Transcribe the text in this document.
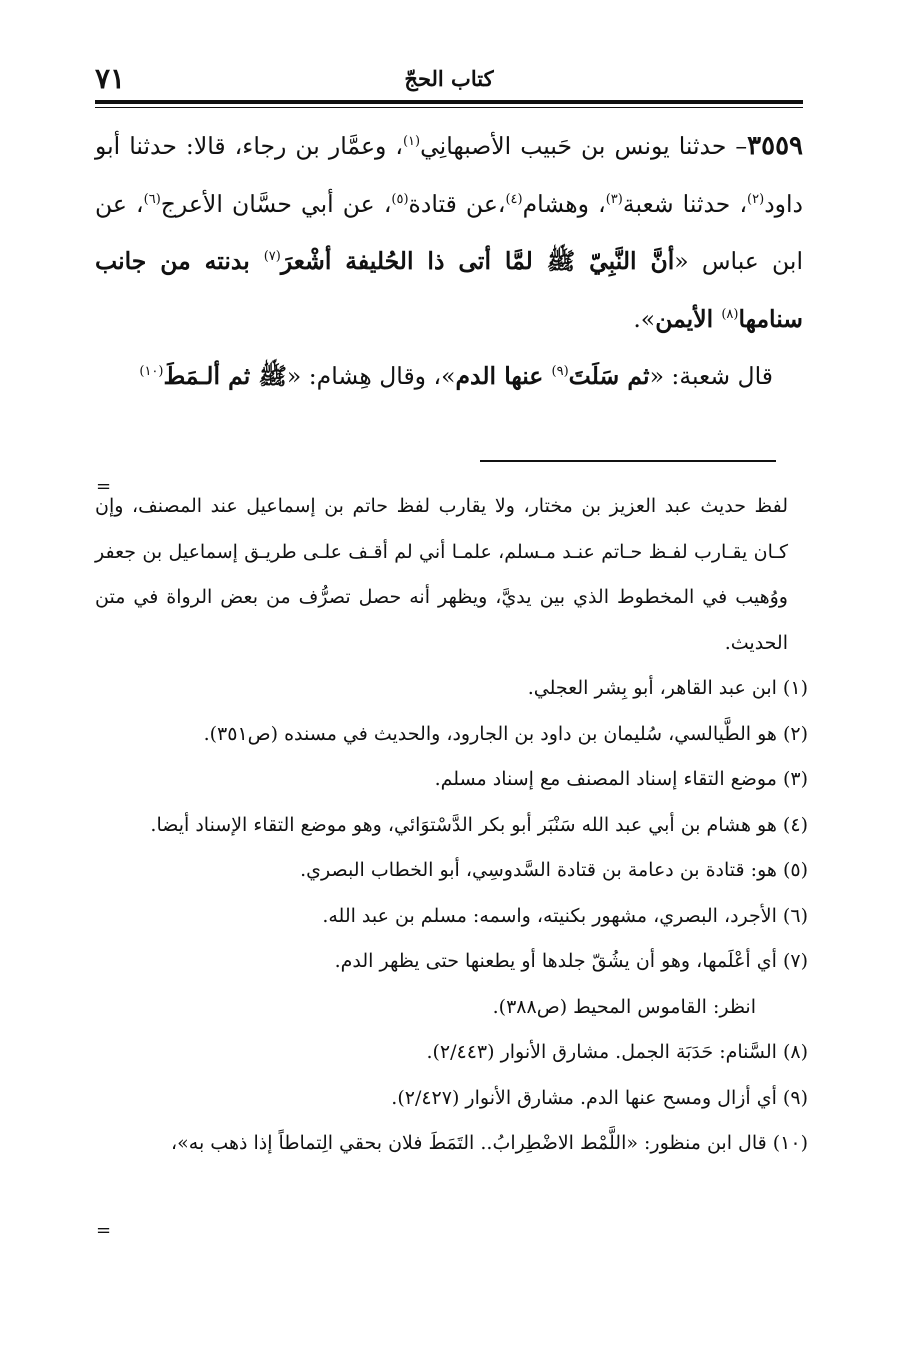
٧١	كتاب الحجّ

٣٥٥٩– حدثنا يونس بن حَبيب الأصبهانِي$^{(١)}$، وعمَّار بن رجاء، قالا: حدثنا أبو داود$^{(٢)}$، حدثنا شعبة$^{(٣)}$، وهشام$^{(٤)}$،عن قتادة$^{(٥)}$، عن أبي حسَّان الأعرج$^{(٦)}$، عن ابن عباس «أنَّ النَّبِيّ ﷺ لمَّا أتى ذا الحُليفة أشْعرَ$^{(٧)}$ بدنته من جانب سنامها$^{(٨)}$ الأيمن».

قال شعبة: «ثم سَلَتَ$^{(٩)}$ عنها الدم»، وقال هِشام: «ﷺ ثم ألـمَطَ$^{(١٠)}$

=

لفظ حديث عبد العزيز بن مختار، ولا يقارب لفظ حاتم بن إسماعيل عند المصنف، وإن كـان يقـارب لفـظ حـاتم عنـد مـسلم، علمـا أني لم أقـف علـى طريـق إسماعيل بن جعفر ووُهيب في المخطوط الذي بين يديَّ، ويظهر أنه حصل تصرُّف من بعض الرواة في متن الحديث.

(١) ابن عبد القاهر، أبو بِشر العجلي.

(٢) هو الطَّيالسي، سُليمان بن داود بن الجارود، والحديث في مسنده (ص٣٥١).

(٣) موضع التقاء إسناد المصنف مع إسناد مسلم.

(٤) هو هشام بن أبي عبد الله سَنْبَر أبو بكر الدَّسْتوَائي، وهو موضع التقاء الإسناد أيضا.

(٥) هو: قتادة بن دعامة بن قتادة السَّدوسِي، أبو الخطاب البصري.

(٦) الأجرد، البصري، مشهور بكنيته، واسمه: مسلم بن عبد الله.

(٧) أي أعْلَمها، وهو أن يشُقّ جلدها أو يطعنها حتى يظهر الدم.

انظر: القاموس المحيط (ص٣٨٨).

(٨) السَّنام: حَدَبَة الجمل. مشارق الأنوار (٢/٤٤٣).

(٩) أي أزال ومسح عنها الدم. مشارق الأنوار (٢/٤٢٧).

(١٠) قال ابن منظور: «اللَّمْط الاضْطِرابُ.. التَمَطَ فلان بحقي الِتماطاً إذا ذهب به»،

=
